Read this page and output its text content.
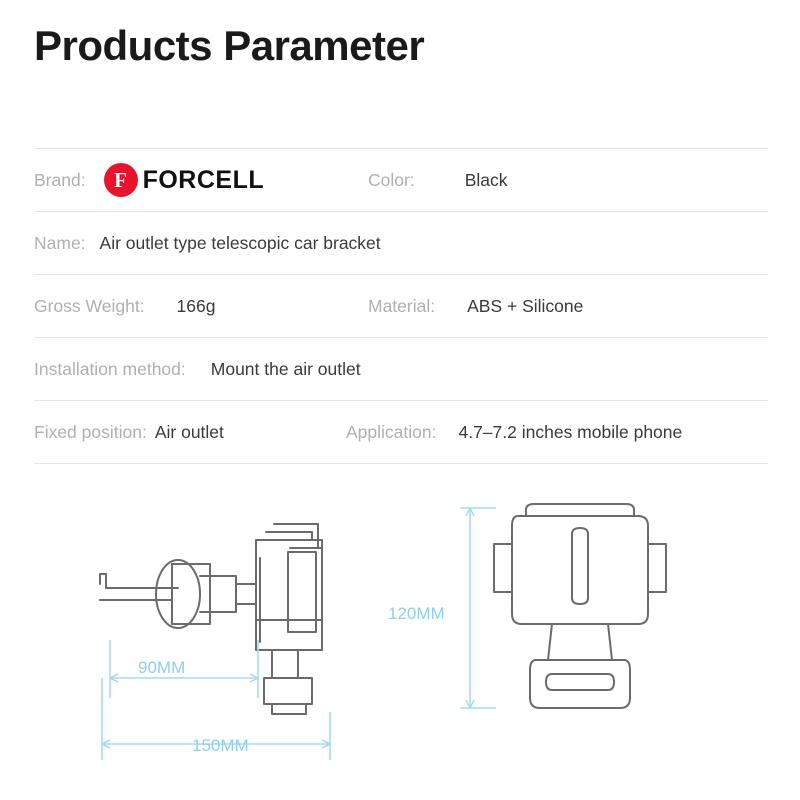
Products Parameter
Brand:	F FORCELL	Color:	Black
Name: Air outlet type telescopic car bracket
Gross Weight: 166g	Material: ABS + Silicone
Installation method: Mount the air outlet
Fixed position: Air outlet	Application: 4.7–7.2 inches mobile phone
90MM
150MM
120MM
